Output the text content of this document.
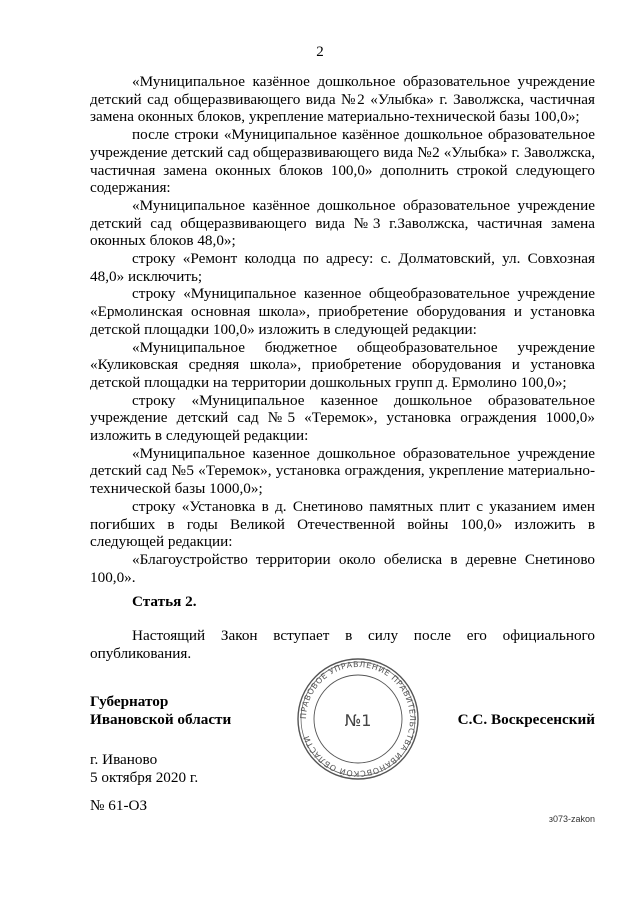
2

«Муниципальное казённое дошкольное образовательное учреждение детский сад общеразвивающего вида №2 «Улыбка» г. Заволжска, частичная замена оконных блоков, укрепление материально-технической базы 100,0»;

после строки «Муниципальное казённое дошкольное образовательное учреждение детский сад общеразвивающего вида №2 «Улыбка» г. Заволжска, частичная замена оконных блоков 100,0» дополнить строкой следующего содержания:

«Муниципальное казённое дошкольное образовательное учреждение детский сад общеразвивающего вида №3 г.Заволжска, частичная замена оконных блоков 48,0»;

строку «Ремонт колодца по адресу: с. Долматовский, ул. Совхозная 48,0» исключить;

строку «Муниципальное казенное общеобразовательное учреждение «Ермолинская основная школа», приобретение оборудования и установка детской площадки 100,0» изложить в следующей редакции:

«Муниципальное бюджетное общеобразовательное учреждение «Куликовская средняя школа», приобретение оборудования и установка детской площадки на территории дошкольных групп д. Ермолино 100,0»;

строку «Муниципальное казенное дошкольное образовательное учреждение детский сад №5 «Теремок», установка ограждения 1000,0» изложить в следующей редакции:

«Муниципальное казенное дошкольное образовательное учреждение детский сад №5 «Теремок», установка ограждения, укрепление материально-технической базы 1000,0»;

строку «Установка в д. Снетиново памятных плит с указанием имен погибших в годы Великой Отечественной войны 100,0» изложить в следующей редакции:

«Благоустройство территории около обелиска в деревне Снетиново 100,0».

Статья 2.

Настоящий Закон вступает в силу после его официального опубликования.

Губернатор
Ивановской области	ПРАВОВОЕ УПРАВЛЕНИЕ ПРАВИТЕЛЬСТВА ИВАНОВСКОЙ ОБЛАСТИ
№1	С.С. Воскресенский
г. Иваново
5 октября 2020 г.
№ 61-ОЗ
з073-zakon
